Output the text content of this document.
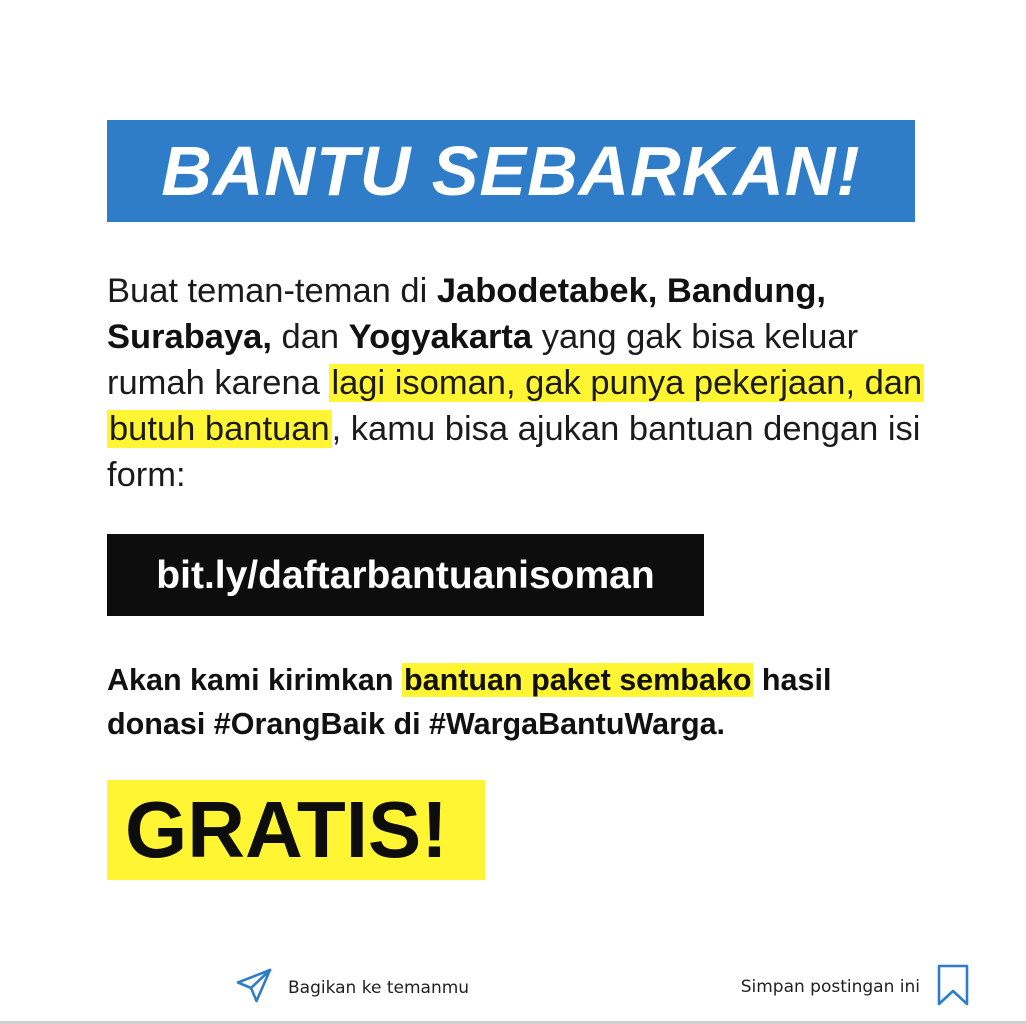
BANTU SEBARKAN!

Buat teman-teman di Jabodetabek, Bandung, Surabaya, dan Yogyakarta yang gak bisa keluar rumah karena lagi isoman, gak punya pekerjaan, dan butuh bantuan, kamu bisa ajukan bantuan dengan isi form:

bit.ly/daftarbantuanisoman

Akan kami kirimkan bantuan paket sembako hasil donasi #OrangBaik di #WargaBantuWarga.

GRATIS!
Bagikan ke temanmu	Simpan postingan ini
